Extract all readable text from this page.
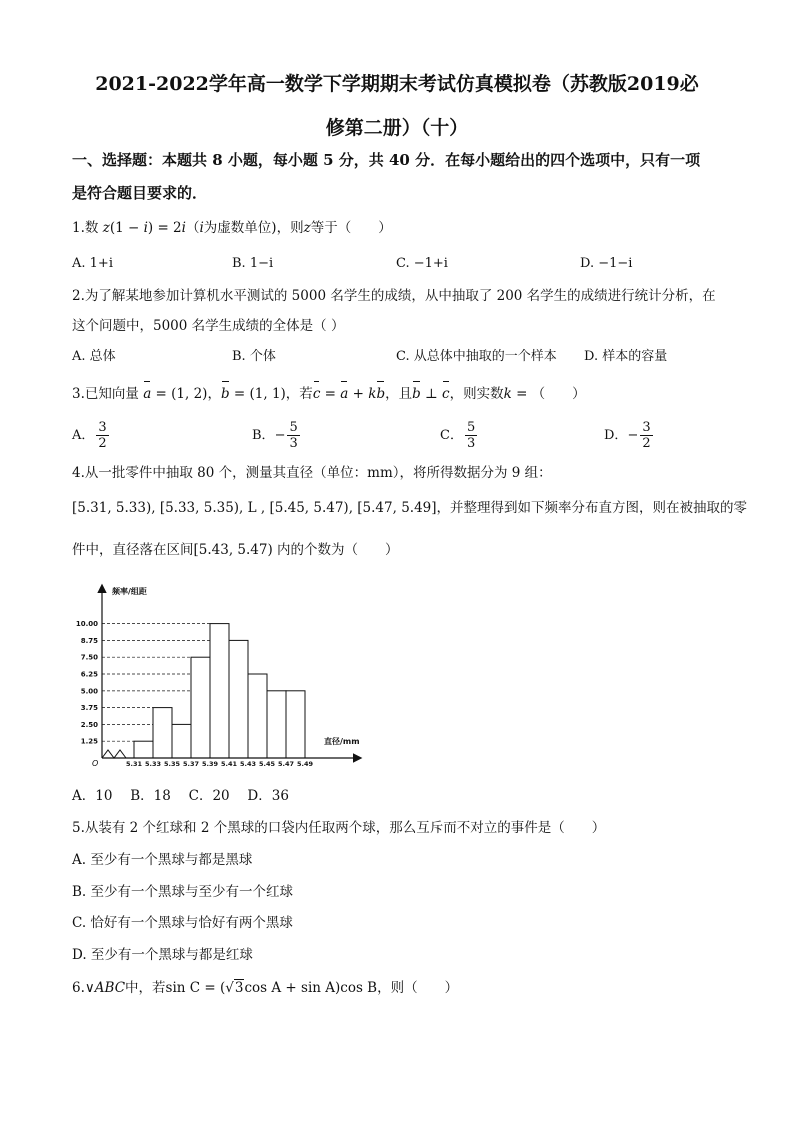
2021-2022学年高一数学下学期期末考试仿真模拟卷（苏教版2019必
修第二册）（十）
一、选择题：本题共 8 小题，每小题 5 分，共 40 分．在每小题给出的四个选项中，只有一项
是符合题目要求的．
1.数 z(1 − i) = 2i（i为虚数单位)，则z等于（　　）
A. 1+i	B. 1−i	C. −1+i	D. −1−i
2.为了解某地参加计算机水平测试的 5000 名学生的成绩，从中抽取了 200 名学生的成绩进行统计分析，在
这个问题中，5000 名学生成绩的全体是（ ）
A. 总体	B. 个体	C. 从总体中抽取的一个样本 D. 样本的容量
3.已知向量 a = (1, 2)，b = (1, 1)，若c = a + kb，且b ⊥ c，则实数k = （　　）
A． $\frac{3}{2}$	B．− $\frac{5}{3}$	C． $\frac{5}{3}$	D．− $\frac{3}{2}$
4.从一批零件中抽取 80 个，测量其直径（单位：mm），将所得数据分为 9 组：
[5.31, 5.33), [5.33, 5.35), L , [5.45, 5.47), [5.47, 5.49]，并整理得到如下频率分布直方图，则在被抽取的零
件中，直径落在区间[5.43, 5.47) 内的个数为（　　）
频率/组距
直径/mm
O
1.25
2.50
3.75
5.00
6.25
7.50
8.75
10.00
5.31 5.33 5.35 5.37 5.39 5.41 5.43 5.45 5.47 5.49
A．10　 B．18　 C．20　 D．36
5.从装有 2 个红球和 2 个黑球的口袋内任取两个球，那么互斥而不对立的事件是（　　）
A. 至少有一个黑球与都是黑球
B. 至少有一个黑球与至少有一个红球
C. 恰好有一个黑球与恰好有两个黑球
D. 至少有一个黑球与都是红球
6.∨ABC中，若sin C = (√3cos A + sin A)cos B，则（　　）
